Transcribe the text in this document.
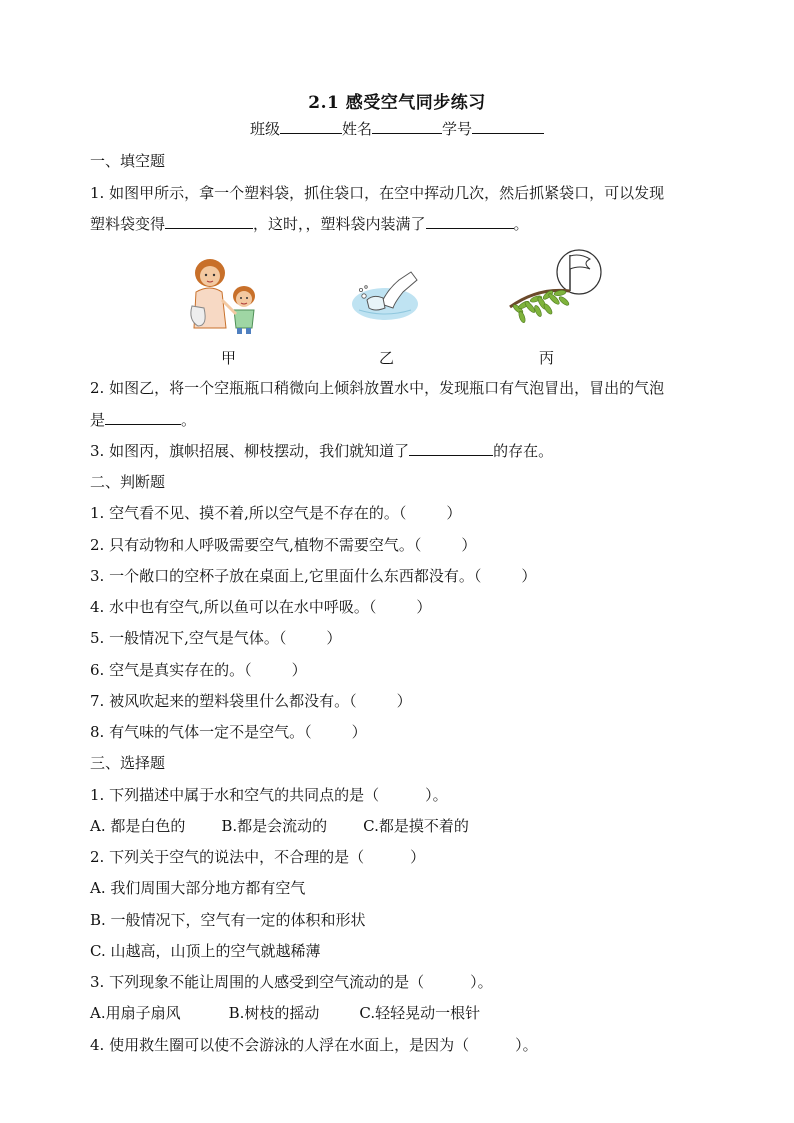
2.1 感受空气同步练习
班级	姓名	学号
一、填空题
1. 如图甲所示，拿一个塑料袋，抓住袋口，在空中挥动几次，然后抓紧袋口，可以发现
塑料袋变得	，这时，，塑料袋内装满了	。
甲	乙	丙
2. 如图乙，将一个空瓶瓶口稍微向上倾斜放置水中，发现瓶口有气泡冒出，冒出的气泡
是	。
3. 如图丙，旗帜招展、柳枝摆动，我们就知道了	的存在。
二、判断题
1. 空气看不见、摸不着,所以空气是不存在的。（	）
2. 只有动物和人呼吸需要空气,植物不需要空气。（	）
3. 一个敞口的空杯子放在桌面上,它里面什么东西都没有。（	）
4. 水中也有空气,所以鱼可以在水中呼吸。（	）
5. 一般情况下,空气是气体。（	）
6. 空气是真实存在的。（	）
7. 被风吹起来的塑料袋里什么都没有。（	）
8. 有气味的气体一定不是空气。（	）
三、选择题
1. 下列描述中属于水和空气的共同点的是（	）。
A. 都是白色的 B.都是会流动的 C.都是摸不着的
2. 下列关于空气的说法中，不合理的是（	）
A. 我们周围大部分地方都有空气
B. 一般情况下，空气有一定的体积和形状
C. 山越高，山顶上的空气就越稀薄
3. 下列现象不能让周围的人感受到空气流动的是（	）。
A.用扇子扇风	B.树枝的摇动	C.轻轻晃动一根针
4. 使用救生圈可以使不会游泳的人浮在水面上，是因为（	）。
